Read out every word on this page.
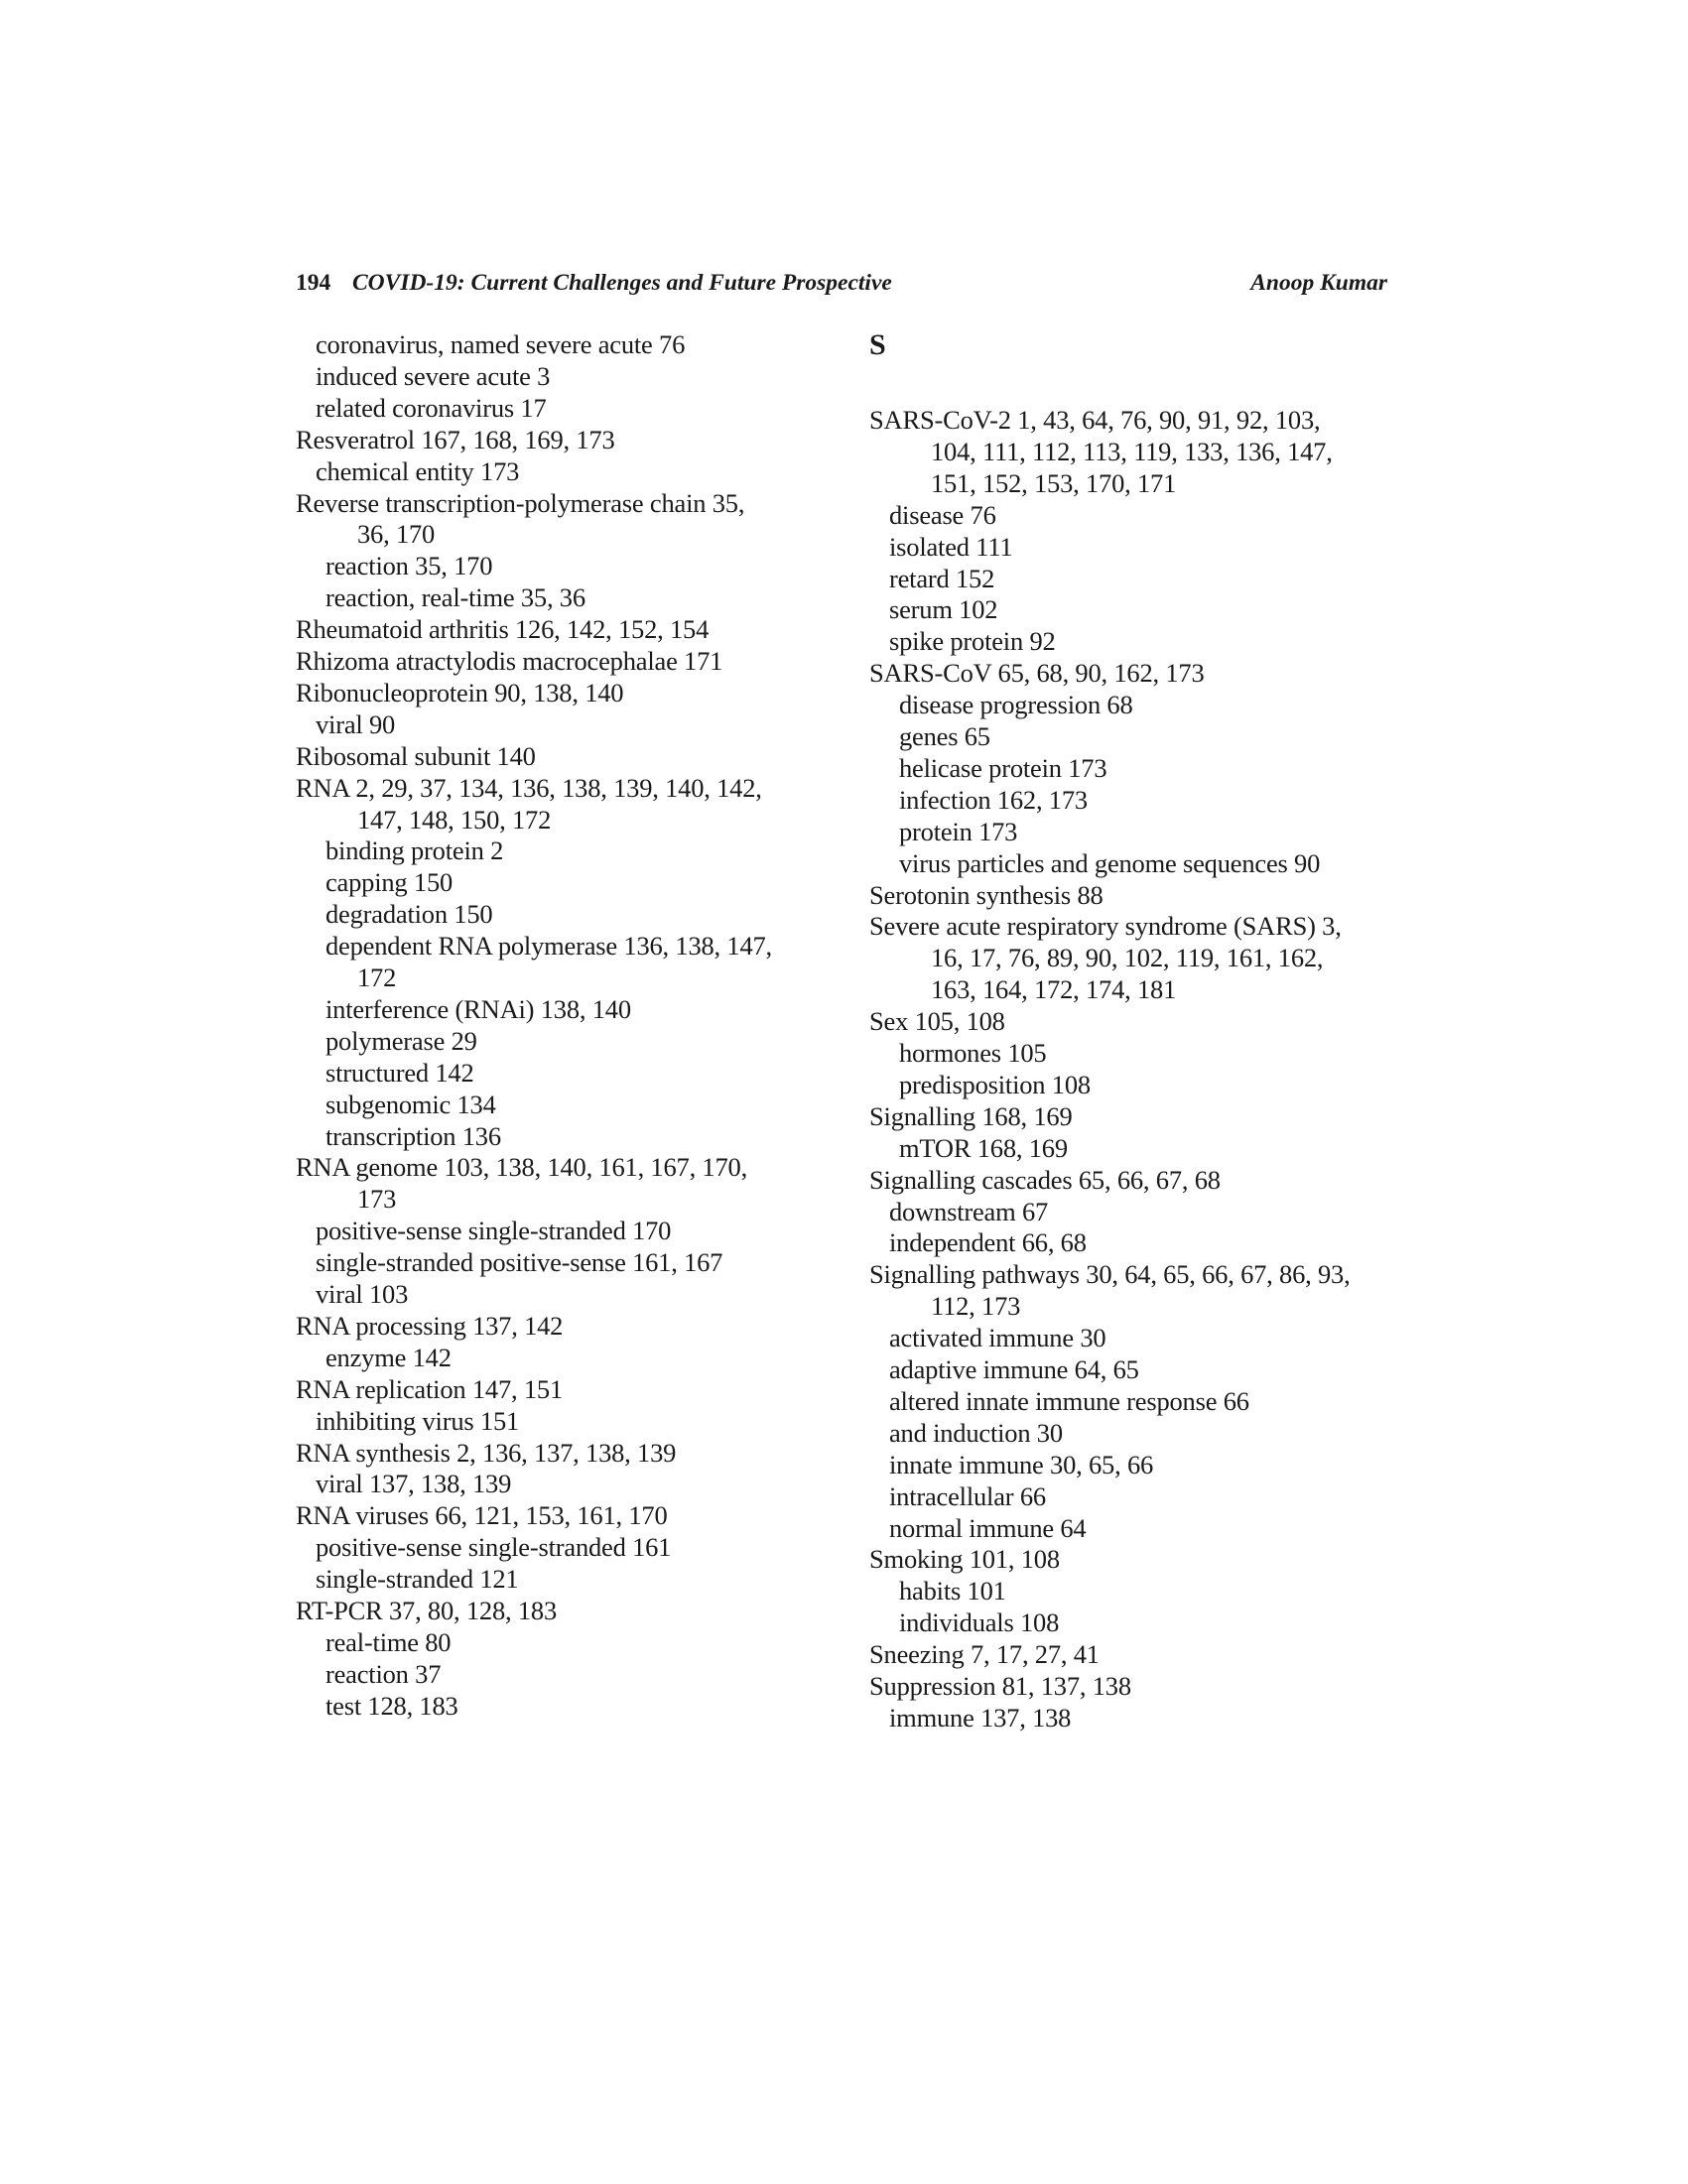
194 COVID-19: Current Challenges and Future Prospective	Anoop Kumar
coronavirus, named severe acute 76
induced severe acute 3
related coronavirus 17
Resveratrol 167, 168, 169, 173
chemical entity 173
Reverse transcription-polymerase chain 35,
36, 170
reaction 35, 170
reaction, real-time 35, 36
Rheumatoid arthritis 126, 142, 152, 154
Rhizoma atractylodis macrocephalae 171
Ribonucleoprotein 90, 138, 140
viral 90
Ribosomal subunit 140
RNA 2, 29, 37, 134, 136, 138, 139, 140, 142,
147, 148, 150, 172
binding protein 2
capping 150
degradation 150
dependent RNA polymerase 136, 138, 147,
172
interference (RNAi) 138, 140
polymerase 29
structured 142
subgenomic 134
transcription 136
RNA genome 103, 138, 140, 161, 167, 170,
173
positive-sense single-stranded 170
single-stranded positive-sense 161, 167
viral 103
RNA processing 137, 142
enzyme 142
RNA replication 147, 151
inhibiting virus 151
RNA synthesis 2, 136, 137, 138, 139
viral 137, 138, 139
RNA viruses 66, 121, 153, 161, 170
positive-sense single-stranded 161
single-stranded 121
RT-PCR 37, 80, 128, 183
real-time 80
reaction 37
test 128, 183
S
SARS-CoV-2 1, 43, 64, 76, 90, 91, 92, 103,
104, 111, 112, 113, 119, 133, 136, 147,
151, 152, 153, 170, 171
disease 76
isolated 111
retard 152
serum 102
spike protein 92
SARS-CoV 65, 68, 90, 162, 173
disease progression 68
genes 65
helicase protein 173
infection 162, 173
protein 173
virus particles and genome sequences 90
Serotonin synthesis 88
Severe acute respiratory syndrome (SARS) 3,
16, 17, 76, 89, 90, 102, 119, 161, 162,
163, 164, 172, 174, 181
Sex 105, 108
hormones 105
predisposition 108
Signalling 168, 169
mTOR 168, 169
Signalling cascades 65, 66, 67, 68
downstream 67
independent 66, 68
Signalling pathways 30, 64, 65, 66, 67, 86, 93,
112, 173
activated immune 30
adaptive immune 64, 65
altered innate immune response 66
and induction 30
innate immune 30, 65, 66
intracellular 66
normal immune 64
Smoking 101, 108
habits 101
individuals 108
Sneezing 7, 17, 27, 41
Suppression 81, 137, 138
immune 137, 138
